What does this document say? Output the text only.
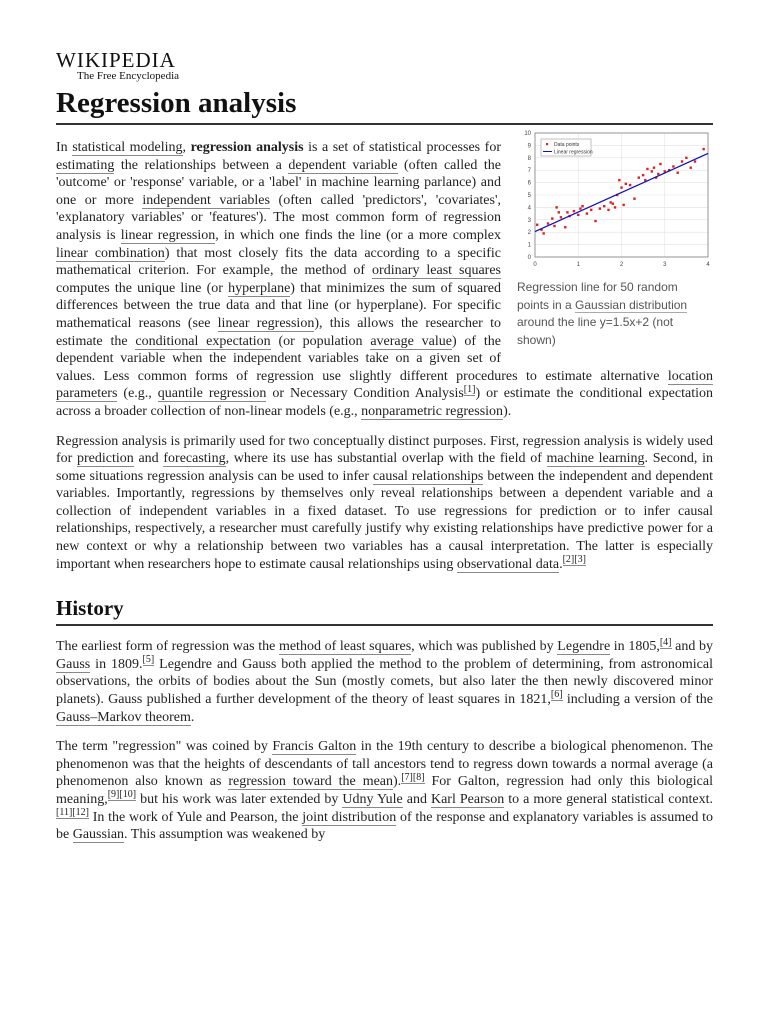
WIKIPEDIA
The Free Encyclopedia
Regression analysis
0	1	2	3	4
0
1
2
3
4
5
6
7
8
9
10
Data points
Linear regression
Regression line for 50 random points in a Gaussian distribution around the line y=1.5x+2 (not shown)

In statistical modeling, regression analysis is a set of statistical processes for estimating the relationships between a dependent variable (often called the 'outcome' or 'response' variable, or a 'label' in machine learning parlance) and one or more independent variables (often called 'predictors', 'covariates', 'explanatory variables' or 'features'). The most common form of regression analysis is linear regression, in which one finds the line (or a more complex linear combination) that most closely fits the data according to a specific mathematical criterion. For example, the method of ordinary least squares computes the unique line (or hyperplane) that minimizes the sum of squared differences between the true data and that line (or hyperplane). For specific mathematical reasons (see linear regression), this allows the researcher to estimate the conditional expectation (or population average value) of the dependent variable when the independent variables take on a given set of values. Less common forms of regression use slightly different procedures to estimate alternative location parameters (e.g., quantile regression or Necessary Condition Analysis[1]) or estimate the conditional expectation across a broader collection of non-linear models (e.g., nonparametric regression).

Regression analysis is primarily used for two conceptually distinct purposes. First, regression analysis is widely used for prediction and forecasting, where its use has substantial overlap with the field of machine learning. Second, in some situations regression analysis can be used to infer causal relationships between the independent and dependent variables. Importantly, regressions by themselves only reveal relationships between a dependent variable and a collection of independent variables in a fixed dataset. To use regressions for prediction or to infer causal relationships, respectively, a researcher must carefully justify why existing relationships have predictive power for a new context or why a relationship between two variables has a causal interpretation. The latter is especially important when researchers hope to estimate causal relationships using observational data.[2][3]

History

The earliest form of regression was the method of least squares, which was published by Legendre in 1805,[4] and by Gauss in 1809.[5] Legendre and Gauss both applied the method to the problem of determining, from astronomical observations, the orbits of bodies about the Sun (mostly comets, but also later the then newly discovered minor planets). Gauss published a further development of the theory of least squares in 1821,[6] including a version of the Gauss–Markov theorem.

The term "regression" was coined by Francis Galton in the 19th century to describe a biological phenomenon. The phenomenon was that the heights of descendants of tall ancestors tend to regress down towards a normal average (a phenomenon also known as regression toward the mean).[7][8] For Galton, regression had only this biological meaning,[9][10] but his work was later extended by Udny Yule and Karl Pearson to a more general statistical context.[11][12] In the work of Yule and Pearson, the joint distribution of the response and explanatory variables is assumed to be Gaussian. This assumption was weakened by
